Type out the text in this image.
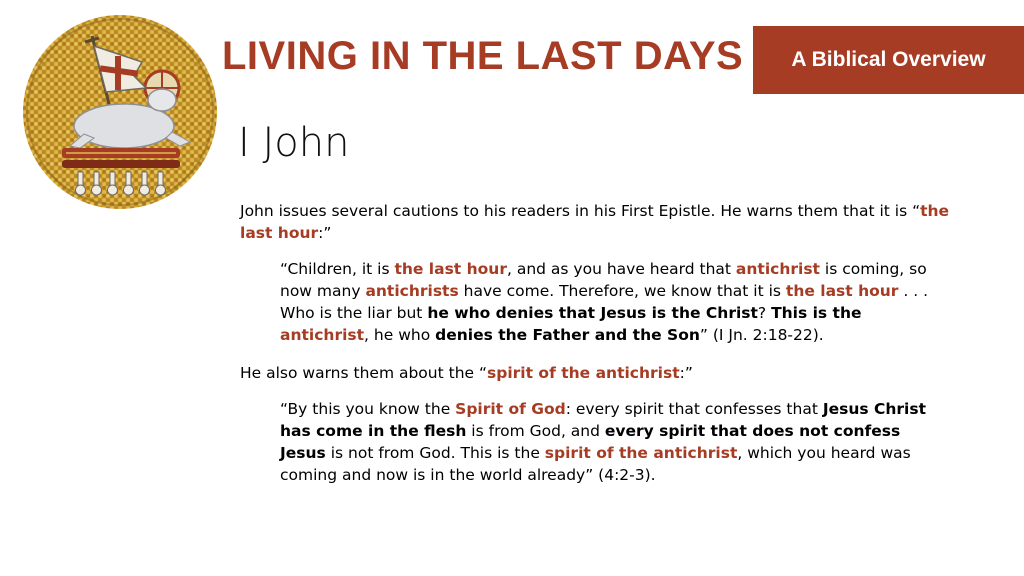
LIVING IN THE LAST DAYS A Biblical Overview
I John

John issues several cautions to his readers in his First Epistle. He warns them that it is “the last hour:”

“Children, it is the last hour, and as you have heard that antichrist is coming, so now many antichrists have come. Therefore, we know that it is the last hour . . . Who is the liar but he who denies that Jesus is the Christ? This is the antichrist, he who denies the Father and the Son” (I Jn. 2:18-22).

He also warns them about the “spirit of the antichrist:”

“By this you know the Spirit of God: every spirit that confesses that Jesus Christ has come in the flesh is from God, and every spirit that does not confess Jesus is not from God. This is the spirit of the antichrist, which you heard was coming and now is in the world already” (4:2-3).
